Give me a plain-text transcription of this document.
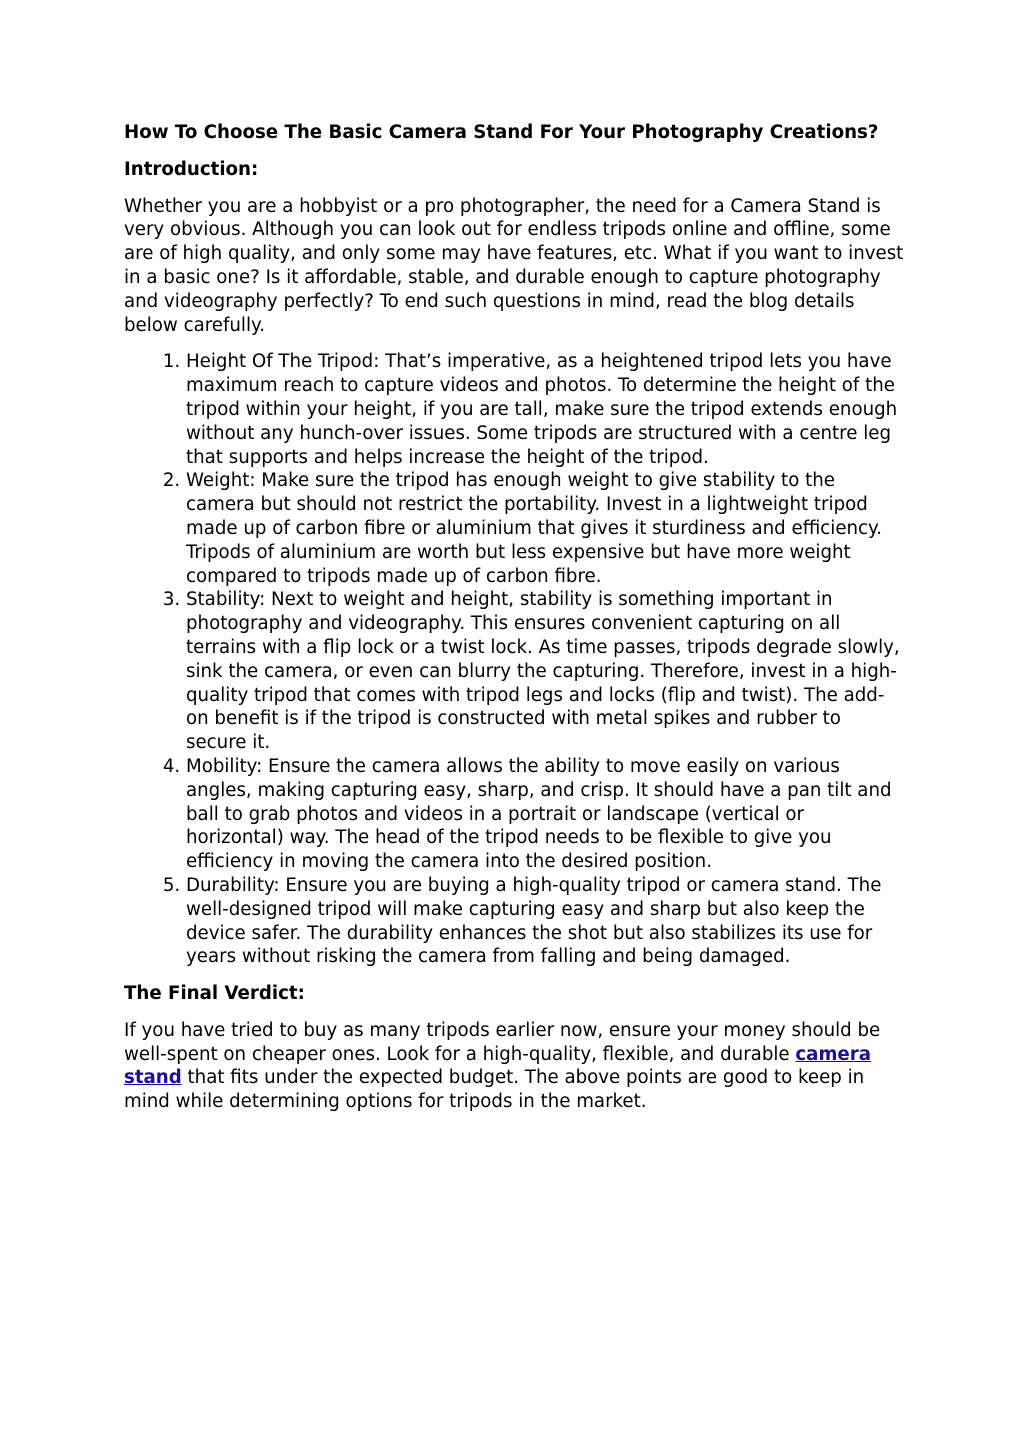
How To Choose The Basic Camera Stand For Your Photography Creations?

Introduction:

Whether you are a hobbyist or a pro photographer, the need for a Camera Stand is very obvious. Although you can look out for endless tripods online and offline, some are of high quality, and only some may have features, etc. What if you want to invest in a basic one? Is it affordable, stable, and durable enough to capture photography and videography perfectly? To end such questions in mind, read the blog details below carefully.

1. Height Of The Tripod: That’s imperative, as a heightened tripod lets you have maximum reach to capture videos and photos. To determine the height of the tripod within your height, if you are tall, make sure the tripod extends enough without any hunch-over issues. Some tripods are structured with a centre leg that supports and helps increase the height of the tripod.
2. Weight: Make sure the tripod has enough weight to give stability to the camera but should not restrict the portability. Invest in a lightweight tripod made up of carbon fibre or aluminium that gives it sturdiness and efficiency. Tripods of aluminium are worth but less expensive but have more weight compared to tripods made up of carbon fibre.
3. Stability: Next to weight and height, stability is something important in photography and videography. This ensures convenient capturing on all terrains with a flip lock or a twist lock. As time passes, tripods degrade slowly, sink the camera, or even can blurry the capturing. Therefore, invest in a high-quality tripod that comes with tripod legs and locks (flip and twist). The add-on benefit is if the tripod is constructed with metal spikes and rubber to secure it.
4. Mobility: Ensure the camera allows the ability to move easily on various angles, making capturing easy, sharp, and crisp. It should have a pan tilt and ball to grab photos and videos in a portrait or landscape (vertical or horizontal) way. The head of the tripod needs to be flexible to give you efficiency in moving the camera into the desired position.
5. Durability: Ensure you are buying a high-quality tripod or camera stand. The well-designed tripod will make capturing easy and sharp but also keep the device safer. The durability enhances the shot but also stabilizes its use for years without risking the camera from falling and being damaged.

The Final Verdict:

If you have tried to buy as many tripods earlier now, ensure your money should be well-spent on cheaper ones. Look for a high-quality, flexible, and durable camera stand that fits under the expected budget. The above points are good to keep in mind while determining options for tripods in the market.
